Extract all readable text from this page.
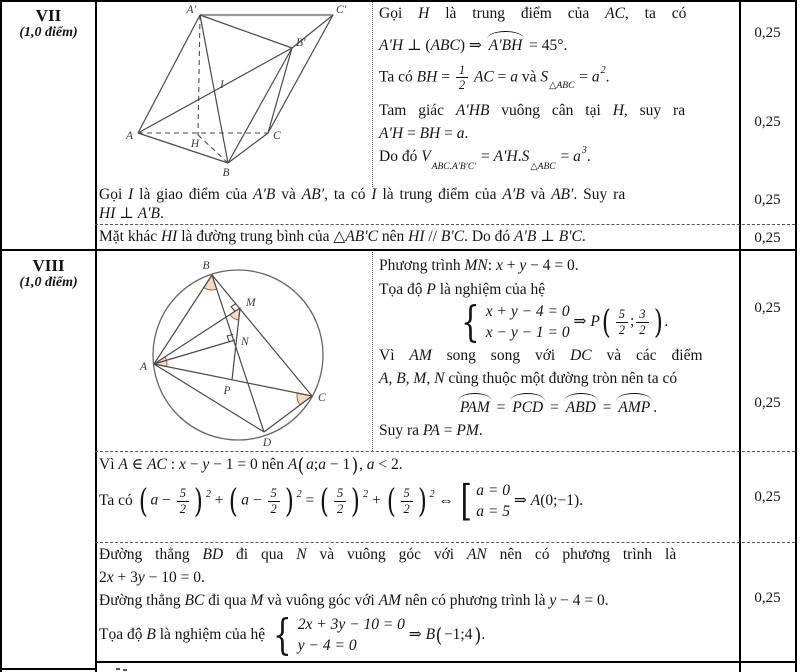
VII
(1,0 điểm)
A′	C′
B′
A
H
C
B
I
Gọi H là trung điểm của AC, ta có
A′H ⊥ (ABC) ⇒ A′BH = 45°.
Ta có BH = $\frac{1}{2}$ AC = a và $S_{\triangle ABC} = a^2$.
Tam giác A′HB vuông cân tại H, suy ra
A′H = BH = a.
Do đó $V_{ABC.A'B'C'} = A'H.S_{\triangle ABC} = a^3$.
Gọi I là giao điểm của A′B và AB′, ta có I là trung điểm của A′B và AB′. Suy ra
HI ⊥ A′B.
Mặt khác HI là đường trung bình của △AB′C nên HI // B′C. Do đó A′B ⊥ B′C.
0,25
0,25
0,25
0,25
VIII
(1,0 điểm)
B
M
N
A
P
C
D
Phương trình MN: x + y − 4 = 0.
Tọa độ P là nghiệm của hệ
{ x + y − 4 = 0
x − y − 1 = 0
⇒ P ( $\frac{5}{2}$ ; $\frac{3}{2}$ ) .
Vì AM song song với DC và các điểm
A, B, M, N cùng thuộc một đường tròn nên ta có
PAM = PCD = ABD = AMP .
Suy ra PA = PM.
Vì A ∈ AC : x − y − 1 = 0 nên A ( a;a − 1 ) , a < 2.
Ta có ( $a - \frac{5}{2}$ ) $^2$ + ( $a - \frac{5}{2}$ ) $^2$ = ( $\frac{5}{2}$ ) $^2$ + ( $\frac{5}{2}$ ) $^2$ ⇔ [ a = 0
a = 5
⇒ A(0;−1).
Đường thẳng BD đi qua N và vuông góc với AN nên có phương trình là
2x + 3y − 10 = 0.
Đường thẳng BC đi qua M và vuông góc với AM nên có phương trình là y − 4 = 0.
Tọa độ B là nghiệm của hệ { 2x + 3y − 10 = 0
y − 4 = 0
⇒ B ( −1;4 ) .
0,25
0,25
0,25
0,25
